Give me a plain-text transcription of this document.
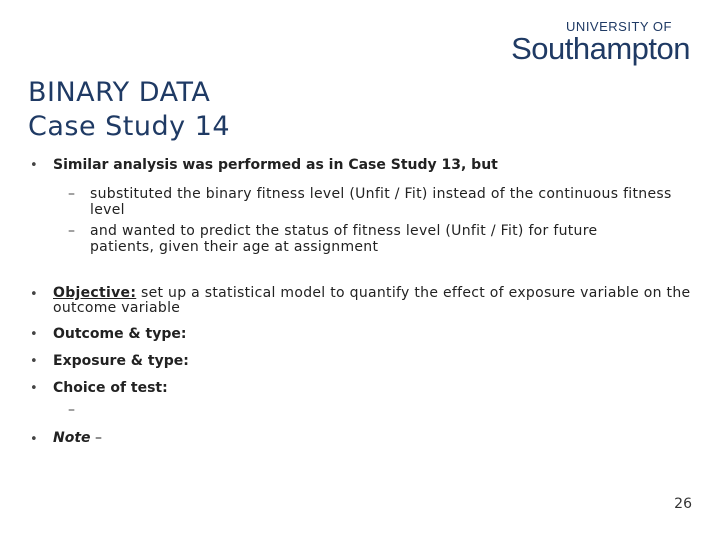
UNIVERSITY OF
Southampton
BINARY DATA
Case Study 14
• Similar analysis was performed as in Case Study 13, but
– substituted the binary fitness level (Unfit / Fit) instead of the continuous fitness level
– and wanted to predict the status of fitness level (Unfit / Fit) for future patients, given their age at assignment
• Objective: set up a statistical model to quantify the effect of exposure variable on the outcome variable
• Outcome & type:
• Exposure & type:
• Choice of test:
–
• Note –
26
